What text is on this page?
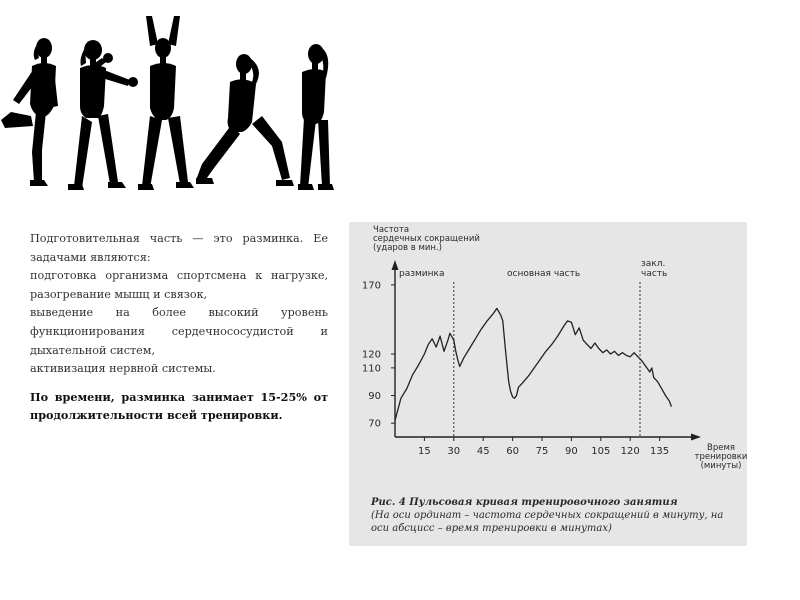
Подготовительная часть — это разминка. Ее задачами являются:

подготовка организма спортсмена к нагрузке,

разогревание мышц и связок,

выведение на более высокий уровень функционирования сердечнососудистой и дыхательной систем,

активизация нервной системы.

По времени, разминка занимает 15-25% от продолжительности всей тренировки.

Частота сердечных сокращений (ударов в мин.)
70
90
110
120
170
15 30 45 60 75 90 105 120 135
разминка	основная часть
закл. часть
Время тренировки (минуты)
Рис. 4 Пульсовая кривая тренировочного занятия
(На оси ординат – частота сердечных сокращений в минуту, на оси абсцисс – время тренировки в минутах)
